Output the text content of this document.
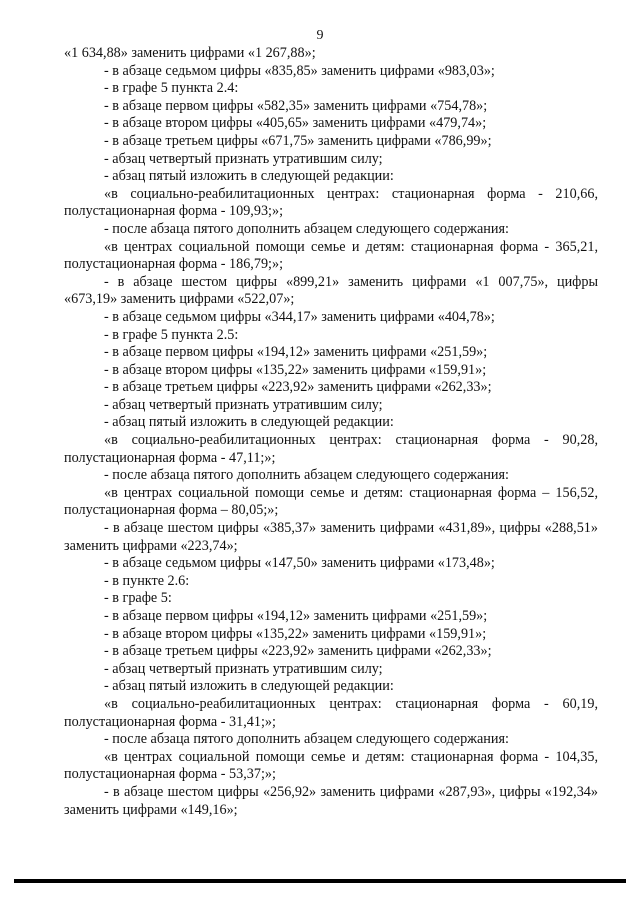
9

«1 634,88» заменить цифрами «1 267,88»;

- в абзаце седьмом цифры «835,85» заменить цифрами «983,03»;

- в графе 5 пункта 2.4:

- в абзаце первом цифры «582,35» заменить цифрами «754,78»;

- в абзаце втором цифры «405,65» заменить цифрами «479,74»;

- в абзаце третьем цифры «671,75» заменить цифрами «786,99»;

- абзац четвертый признать утратившим силу;

- абзац пятый изложить в следующей редакции:

«в социально-реабилитационных центрах: стационарная форма - 210,66, полустационарная форма - 109,93;»;

- после абзаца пятого дополнить абзацем следующего содержания:

«в центрах социальной помощи семье и детям: стационарная форма - 365,21, полустационарная форма - 186,79;»;

- в абзаце шестом цифры «899,21» заменить цифрами «1 007,75», цифры «673,19» заменить цифрами «522,07»;

- в абзаце седьмом цифры «344,17» заменить цифрами «404,78»;

- в графе 5 пункта 2.5:

- в абзаце первом цифры «194,12» заменить цифрами «251,59»;

- в абзаце втором цифры «135,22» заменить цифрами «159,91»;

- в абзаце третьем цифры «223,92» заменить цифрами «262,33»;

- абзац четвертый признать утратившим силу;

- абзац пятый изложить в следующей редакции:

«в социально-реабилитационных центрах: стационарная форма - 90,28, полустационарная форма - 47,11;»;

- после абзаца пятого дополнить абзацем следующего содержания:

«в центрах социальной помощи семье и детям: стационарная форма – 156,52, полустационарная форма – 80,05;»;

- в абзаце шестом цифры «385,37» заменить цифрами «431,89», цифры «288,51» заменить цифрами «223,74»;

- в абзаце седьмом цифры «147,50» заменить цифрами «173,48»;

- в пункте 2.6:

- в графе 5:

- в абзаце первом цифры «194,12» заменить цифрами «251,59»;

- в абзаце втором цифры «135,22» заменить цифрами «159,91»;

- в абзаце третьем цифры «223,92» заменить цифрами «262,33»;

- абзац четвертый признать утратившим силу;

- абзац пятый изложить в следующей редакции:

«в социально-реабилитационных центрах: стационарная форма - 60,19, полустационарная форма - 31,41;»;

- после абзаца пятого дополнить абзацем следующего содержания:

«в центрах социальной помощи семье и детям: стационарная форма - 104,35, полустационарная форма - 53,37;»;

- в абзаце шестом цифры «256,92» заменить цифрами «287,93», цифры «192,34» заменить цифрами «149,16»;
